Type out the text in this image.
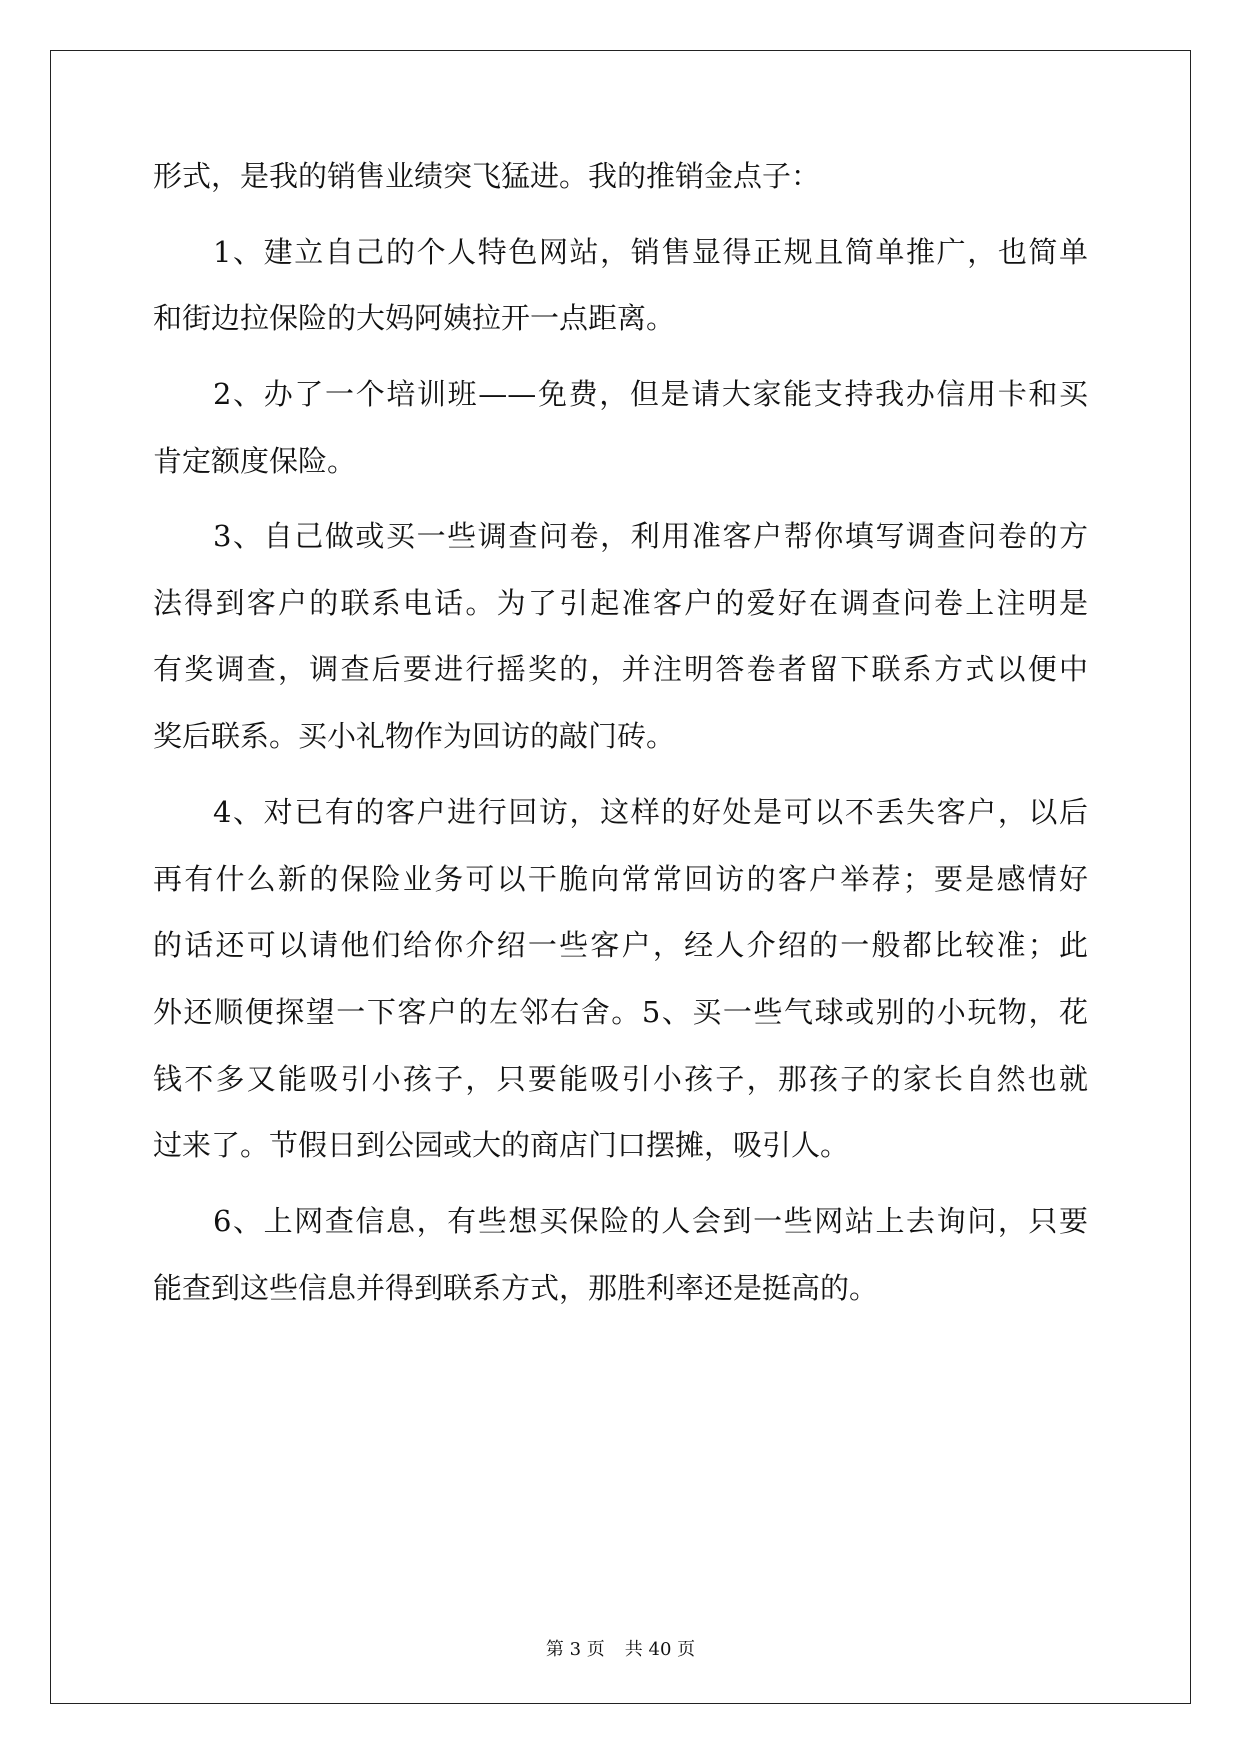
形式，是我的销售业绩突飞猛进。我的推销金点子：
1、建立自己的个人特色网站，销售显得正规且简单推广，也简单
和街边拉保险的大妈阿姨拉开一点距离。
2、办了一个培训班——免费，但是请大家能支持我办信用卡和买
肯定额度保险。
3、自己做或买一些调查问卷，利用准客户帮你填写调查问卷的方
法得到客户的联系电话。为了引起准客户的爱好在调查问卷上注明是
有奖调查，调查后要进行摇奖的，并注明答卷者留下联系方式以便中
奖后联系。买小礼物作为回访的敲门砖。
4、对已有的客户进行回访，这样的好处是可以不丢失客户，以后
再有什么新的保险业务可以干脆向常常回访的客户举荐；要是感情好
的话还可以请他们给你介绍一些客户，经人介绍的一般都比较准；此
外还顺便探望一下客户的左邻右舍。5、买一些气球或别的小玩物，花
钱不多又能吸引小孩子，只要能吸引小孩子，那孩子的家长自然也就
过来了。节假日到公园或大的商店门口摆摊，吸引人。
6、上网查信息，有些想买保险的人会到一些网站上去询问，只要
能查到这些信息并得到联系方式，那胜利率还是挺高的。
第 3 页 共 40 页
